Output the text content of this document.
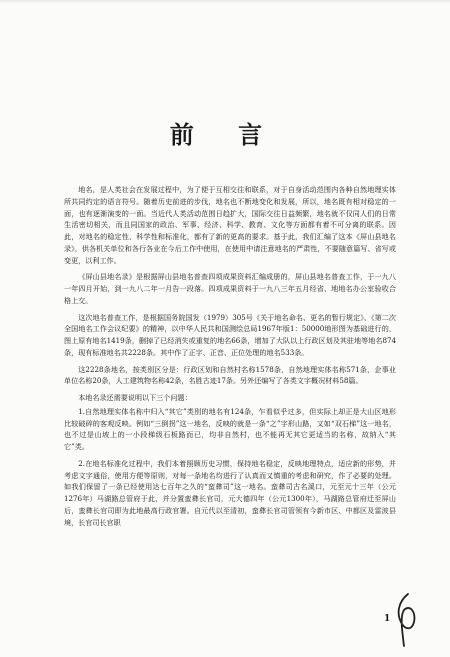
前 言

地名，是人类社会在发展过程中，为了便于互相交往和联系，对于自身活动范围内各种自然地理实体所共同约定的语言符号。随着历史前进的步伐，地名也不断地变化和发展，所以，地名既有相对稳定的一面，也有逐渐演变的一面。当近代人类活动范围日趋扩大，国际交往日益频繁，地名就不仅同人们的日常生活密切相关，而且同国家的政治、军事、经济、科学、教育、文化等方面都有着不可分离的联系。因此，对地名的稳定性、科学性和标准化，都有了新的更高的要求。基于此，我们汇编了这本《屏山县地名录》，供各机关单位和各行各业在今后工作中使用，在使用中请注意地名的严肃性，不要随意篇写、省写或变更，以利工作。

《屏山县地名录》是根据屏山县地名普查四项成果资料汇编成册的，屏山县地名普查工作，于一九八一年四月开始，到一九八二年一月告一段落。四项成果资料于一九八三年五月经省、地地名办公室验收合格上交。

这次地名普查工作，是根据国务院国发（1979）305号《关于地名命名、更名的暂行规定》、《第二次全国地名工作会议纪要》的精神，以中华人民共和国测绘总局1967年版1：50000地形图为基础进行的，图上原有地名1419条，删掉了已经消失或重复的地名66条，增加了大队以上行政区划及其驻地等地名874条，现有标准地名共2228条。其中作了正字、正音、正位处理的地名533条。

这2228条地名，按类别区分是：行政区划和自然村名称1578条，自然地理实体名称571条，企事业单位名称20条，人工建筑物名称42条，名胜古迹17条。另外还编写了各类文字概况材料58篇。

本地名录还需要说明以下三个问题：

1.自然地理实体名称中归入“其它”类别的地名有124条，乍看似乎过多，但实际上却正是大山区地形比较破碎的客观反映。例如“三倒拐”这一地名，反映的就是一条“之”字形山路，又如“双石梯”这一地名，也不过是山坡上的一小段梯级石板路而已，均非自然村，也不能再无其它更适当的名称，故纳入“其它”类。

2.在地名标准化过程中，我们本着照顾历史习惯，保持地名稳定，反映地理特点，适应新的形势，并考虑文字通俗，使用方便等原则，对每一条地名均进行了认真而又慎重的考虑和研究，作了必要的处理。如我们保留了一条已经使用达七百年之久的“蛮彝司”这一地名。蛮彝司古名溪口，元至元十三年（公元1276年）马湖路总管府于此，并分置蛮彝长官司，元大德四年（公元1300年），马湖路总管府迁至屏山后，蛮彝长官司即为此地最高行政官署。自元代以至清初，蛮彝长官司管领有今新市区、中都区及雷波县境，长官司长官职

1
